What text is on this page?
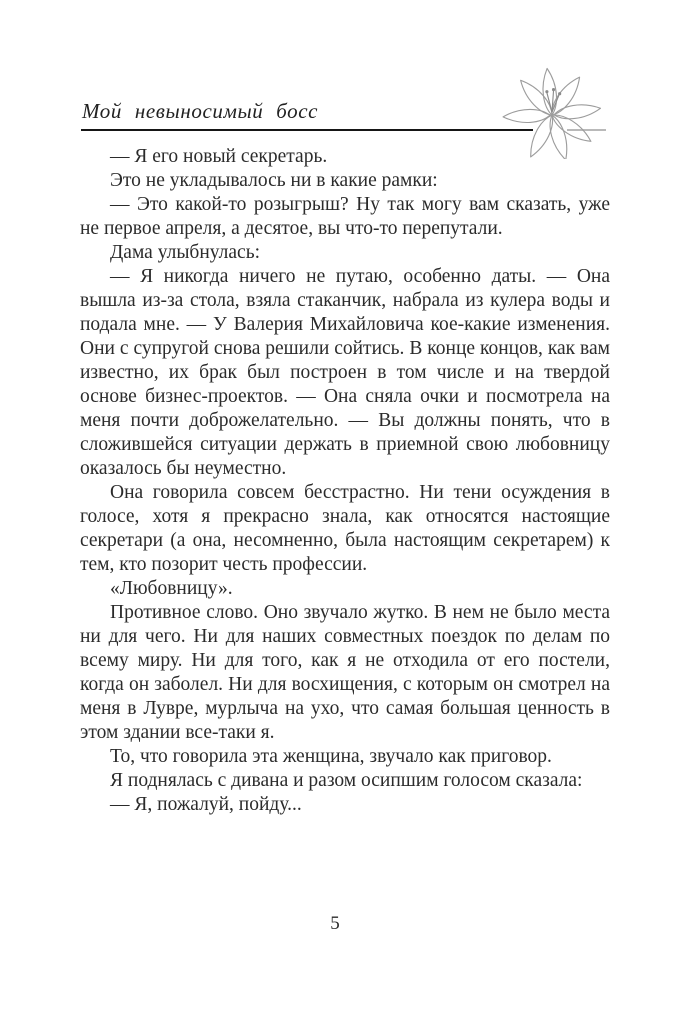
Мой невыносимый босс

— Я его новый секретарь.

Это не укладывалось ни в какие рамки:

— Это какой-то розыгрыш? Ну так могу вам сказать, уже не первое апреля, а десятое, вы что-то перепутали.

Дама улыбнулась:

— Я никогда ничего не путаю, особенно даты. — Она вышла из-за стола, взяла стаканчик, набрала из кулера воды и подала мне. — У Валерия Михайловича кое-какие изменения. Они с супругой снова решили сойтись. В конце концов, как вам известно, их брак был построен в том числе и на твердой основе бизнес-проектов. — Она сняла очки и посмотрела на меня почти доброжелательно. — Вы должны понять, что в сложившейся ситуации держать в приемной свою любовницу оказалось бы неуместно.

Она говорила совсем бесстрастно. Ни тени осуждения в голосе, хотя я прекрасно знала, как относятся настоящие секретари (а она, несомненно, была настоящим секретарем) к тем, кто позорит честь профессии.

«Любовницу».

Противное слово. Оно звучало жутко. В нем не было места ни для чего. Ни для наших совместных поездок по делам по всему миру. Ни для того, как я не отходила от его постели, когда он заболел. Ни для восхищения, с которым он смотрел на меня в Лувре, мурлыча на ухо, что самая большая ценность в этом здании все-таки я.

То, что говорила эта женщина, звучало как приговор.

Я поднялась с дивана и разом осипшим голосом сказала:

— Я, пожалуй, пойду...

5
